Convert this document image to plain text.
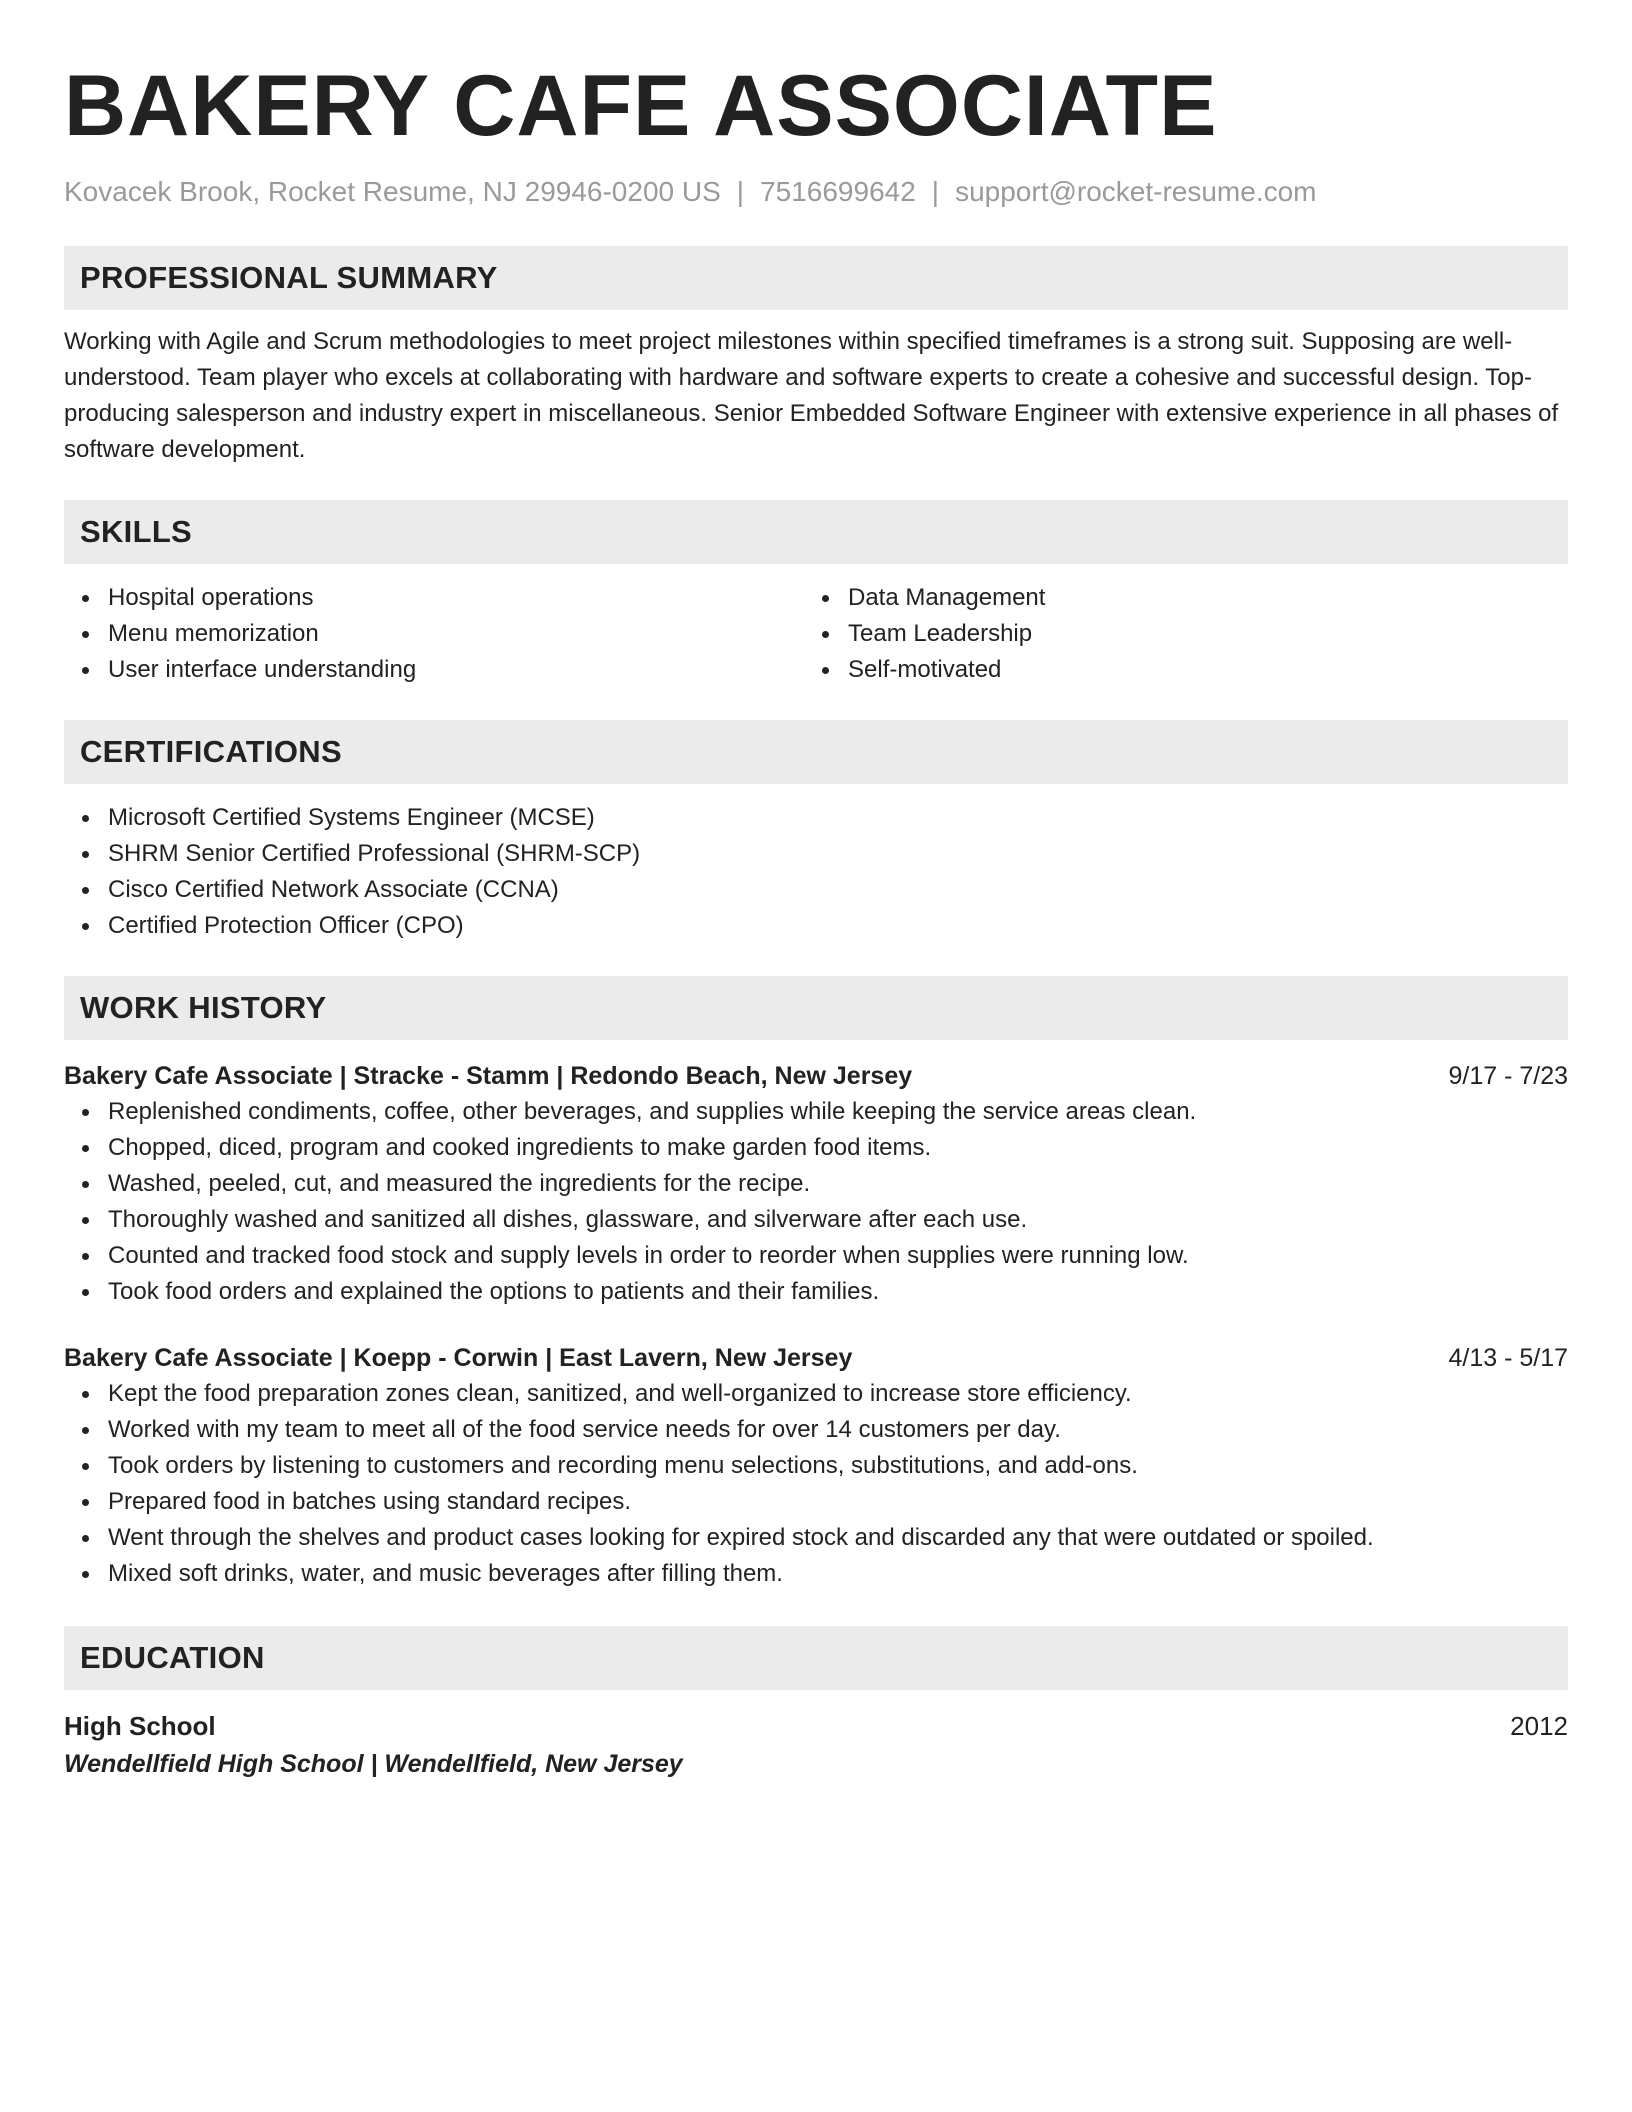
BAKERY CAFE ASSOCIATE
Kovacek Brook, Rocket Resume, NJ 29946-0200 US | 7516699642 | support@rocket-resume.com
PROFESSIONAL SUMMARY

Working with Agile and Scrum methodologies to meet project milestones within specified timeframes is a strong suit. Supposing are well-understood. Team player who excels at collaborating with hardware and software experts to create a cohesive and successful design. Top-producing salesperson and industry expert in miscellaneous. Senior Embedded Software Engineer with extensive experience in all phases of software development.

SKILLS
Hospital operations
Menu memorization
User interface understanding
Data Management
Team Leadership
Self-motivated
CERTIFICATIONS
Microsoft Certified Systems Engineer (MCSE)
SHRM Senior Certified Professional (SHRM-SCP)
Cisco Certified Network Associate (CCNA)
Certified Protection Officer (CPO)
WORK HISTORY
Bakery Cafe Associate | Stracke - Stamm | Redondo Beach, New Jersey	9/17 - 7/23
Replenished condiments, coffee, other beverages, and supplies while keeping the service areas clean.
Chopped, diced, program and cooked ingredients to make garden food items.
Washed, peeled, cut, and measured the ingredients for the recipe.
Thoroughly washed and sanitized all dishes, glassware, and silverware after each use.
Counted and tracked food stock and supply levels in order to reorder when supplies were running low.
Took food orders and explained the options to patients and their families.
Bakery Cafe Associate | Koepp - Corwin | East Lavern, New Jersey	4/13 - 5/17
Kept the food preparation zones clean, sanitized, and well-organized to increase store efficiency.
Worked with my team to meet all of the food service needs for over 14 customers per day.
Took orders by listening to customers and recording menu selections, substitutions, and add-ons.
Prepared food in batches using standard recipes.
Went through the shelves and product cases looking for expired stock and discarded any that were outdated or spoiled.
Mixed soft drinks, water, and music beverages after filling them.
EDUCATION
High School	2012
Wendellfield High School | Wendellfield, New Jersey
